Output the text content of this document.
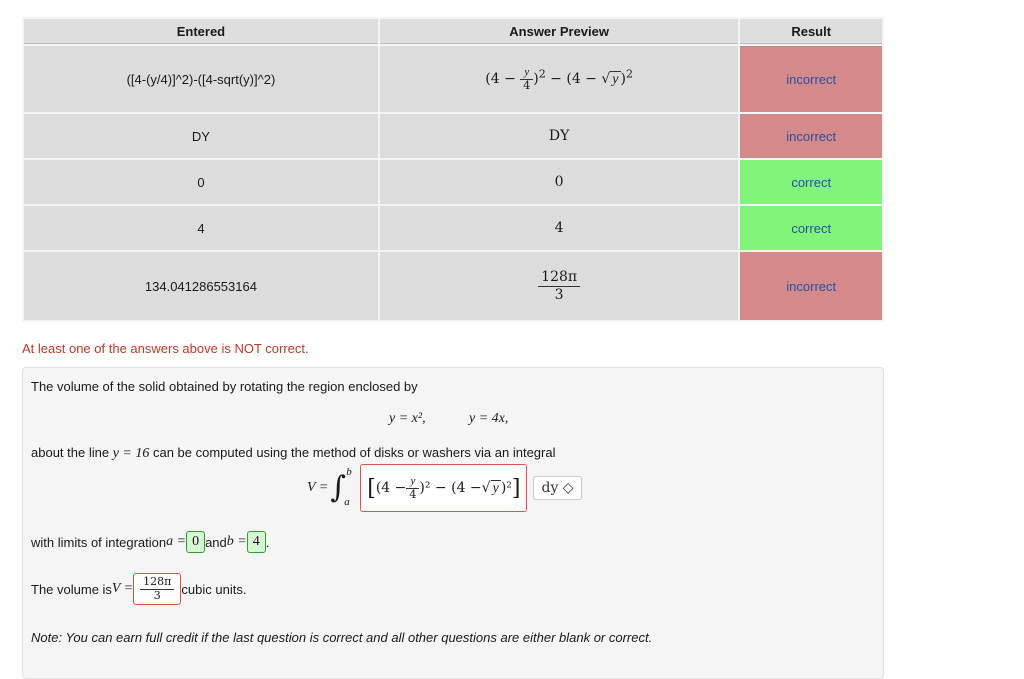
Entered	Answer Preview	Result
([4-(y/4)]^2)-([4-sqrt(y)]^2)	$(4 - \frac{y}{4} )^2 - (4$ − √ y )$^2$	incorrect
DY	DY	incorrect
0	0	correct
4	4	correct
134.041286553164	$\frac{128\pi}{3}$	incorrect
At least one of the answers above is NOT correct.
The volume of the solid obtained by rotating the region enclosed by
y = x²,	y = 4x,
about the line y = 16 can be computed using the method of disks or washers via an integral
V = ∫ b
a
[ $(4 - \frac{y}{4} )^2 - (4$ − √ y )² ]	dy ◇
with limits of integration a = 0 and b = 4 .
The volume is $V = \frac{128\pi}{3}$ cubic units.
Note: You can earn full credit if the last question is correct and all other questions are either blank or correct.
